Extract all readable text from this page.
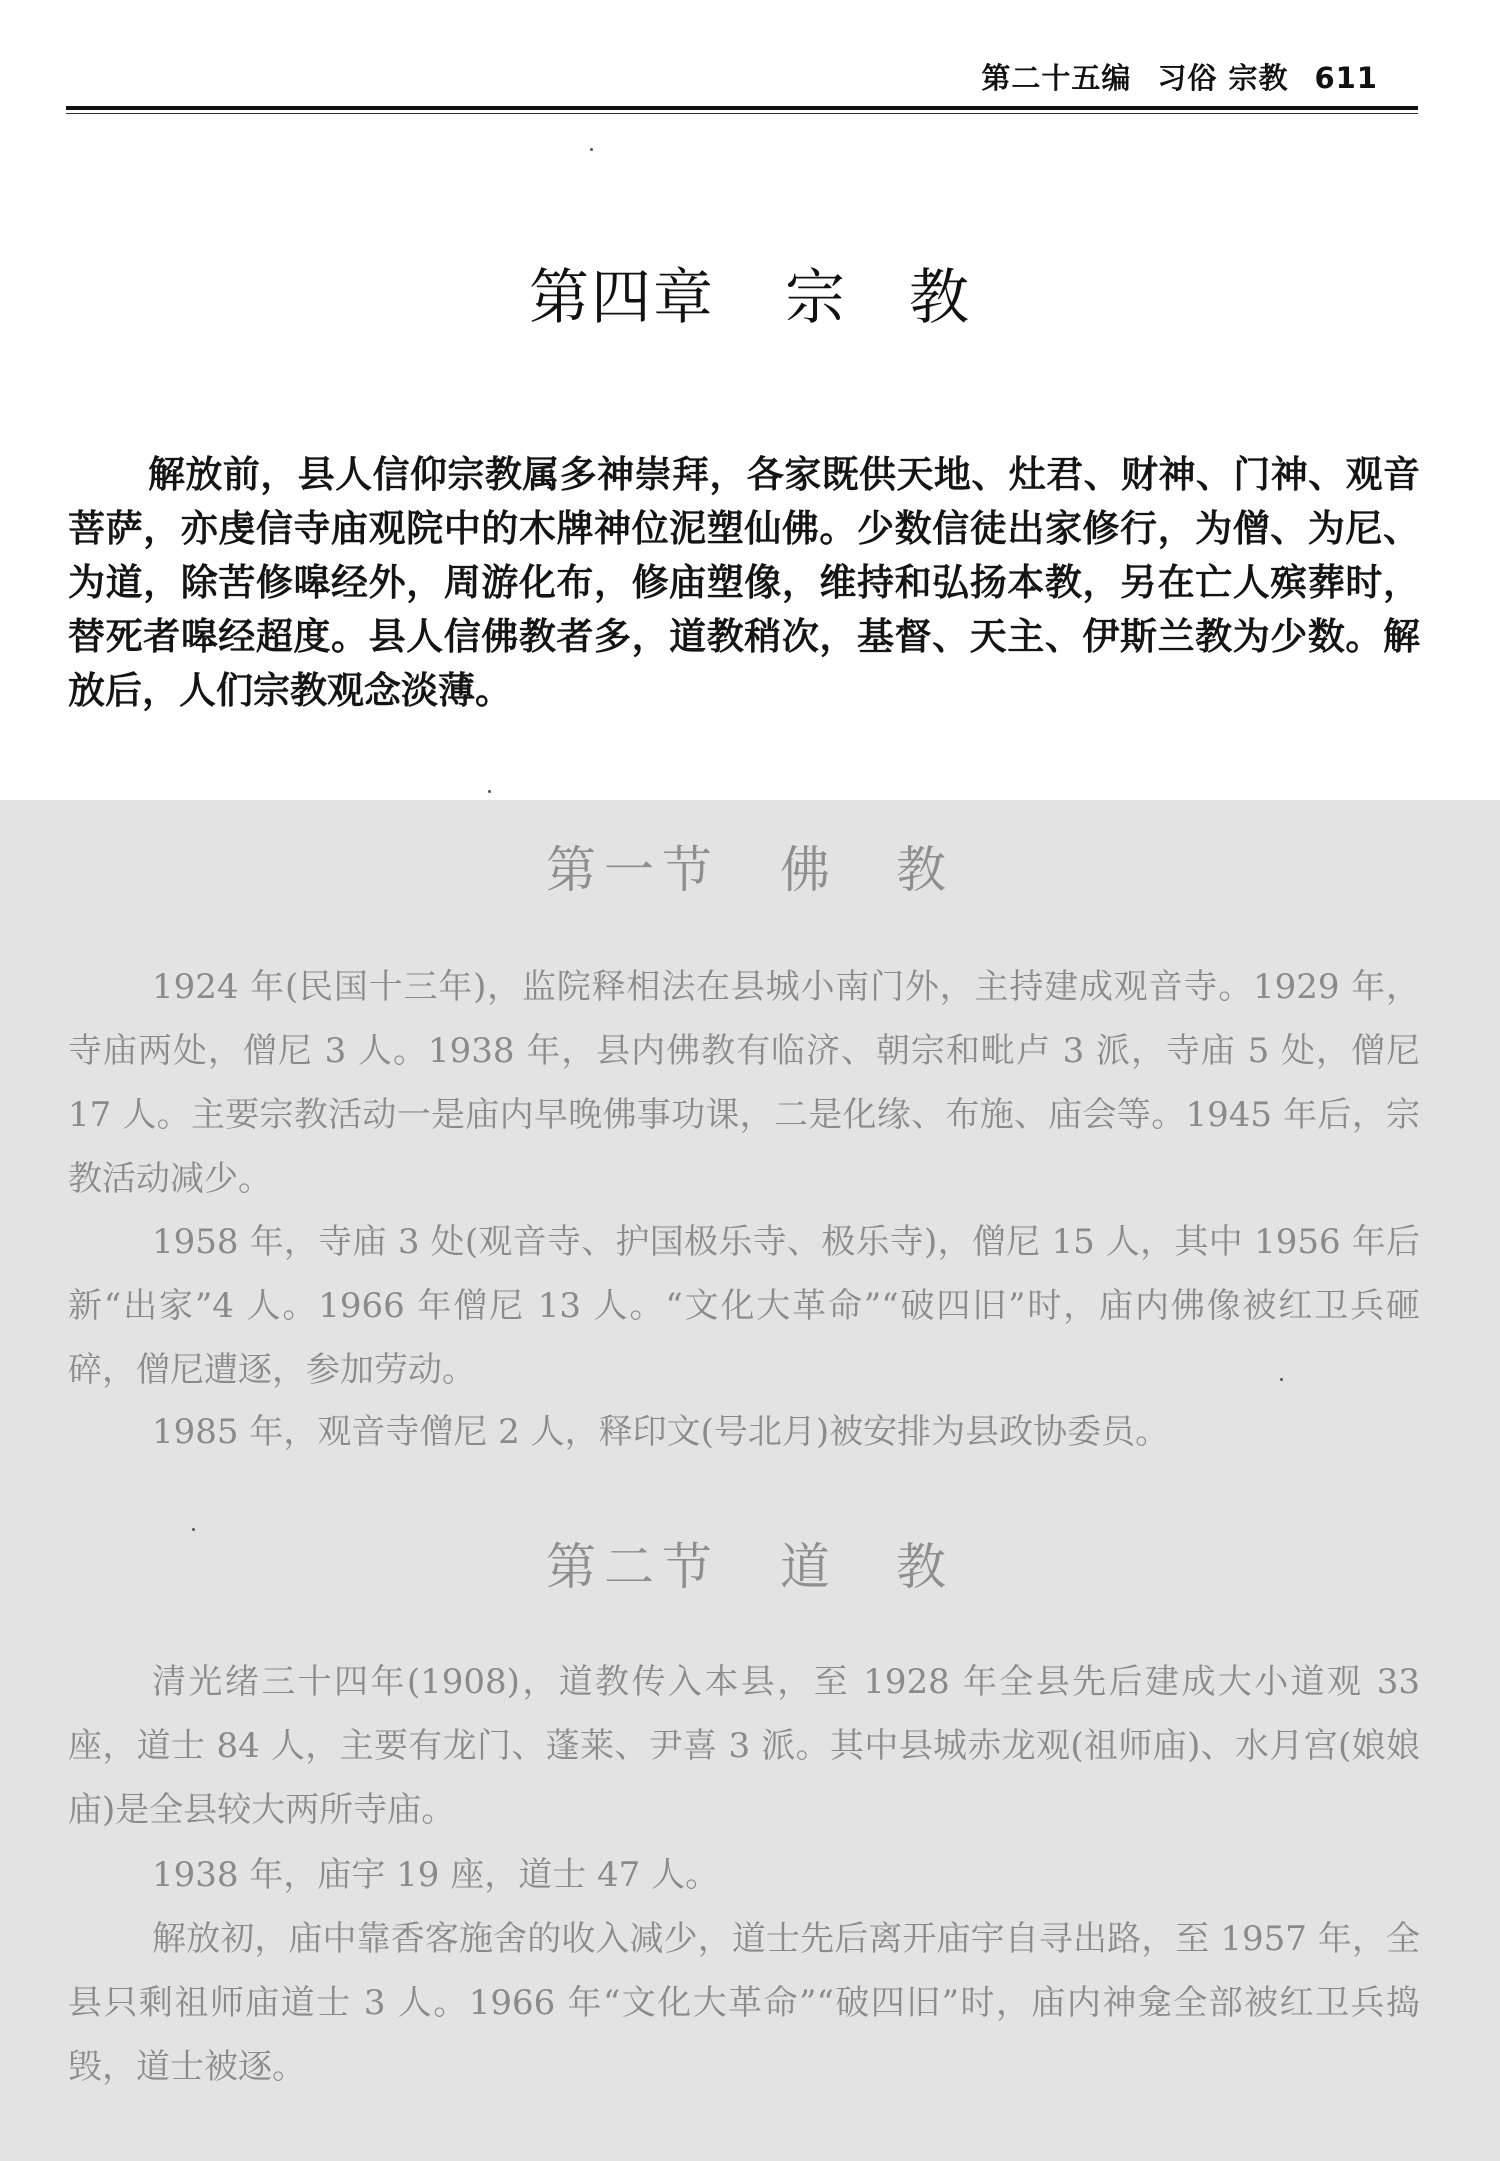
第二十五编 习俗 宗教 611
第四章 宗　教

解放前，县人信仰宗教属多神崇拜，各家既供天地、灶君、财神、门神、观音菩萨，亦虔信寺庙观院中的木牌神位泥塑仙佛。少数信徒出家修行，为僧、为尼、为道，除苦修嗥经外，周游化布，修庙塑像，维持和弘扬本教，另在亡人殡葬时，替死者嗥经超度。县人信佛教者多，道教稍次，基督、天主、伊斯兰教为少数。解放后，人们宗教观念淡薄。

第一节 佛　教

1924 年(民国十三年)，监院释相法在县城小南门外，主持建成观音寺。1929 年，寺庙两处，僧尼 3 人。1938 年，县内佛教有临济、朝宗和毗卢 3 派，寺庙 5 处，僧尼 17 人。主要宗教活动一是庙内早晚佛事功课，二是化缘、布施、庙会等。1945 年后，宗教活动减少。

1958 年，寺庙 3 处(观音寺、护国极乐寺、极乐寺)，僧尼 15 人，其中 1956 年后新“出家”4 人。1966 年僧尼 13 人。“文化大革命”“破四旧”时，庙内佛像被红卫兵砸碎，僧尼遭逐，参加劳动。

1985 年，观音寺僧尼 2 人，释印文(号北月)被安排为县政协委员。

第二节 道　教

清光绪三十四年(1908)，道教传入本县，至 1928 年全县先后建成大小道观 33 座，道士 84 人，主要有龙门、蓬莱、尹喜 3 派。其中县城赤龙观(祖师庙)、水月宫(娘娘庙)是全县较大两所寺庙。

1938 年，庙宇 19 座，道士 47 人。

解放初，庙中靠香客施舍的收入减少，道士先后离开庙宇自寻出路，至 1957 年，全县只剩祖师庙道士 3 人。1966 年“文化大革命”“破四旧”时，庙内神龛全部被红卫兵捣毁，道士被逐。
